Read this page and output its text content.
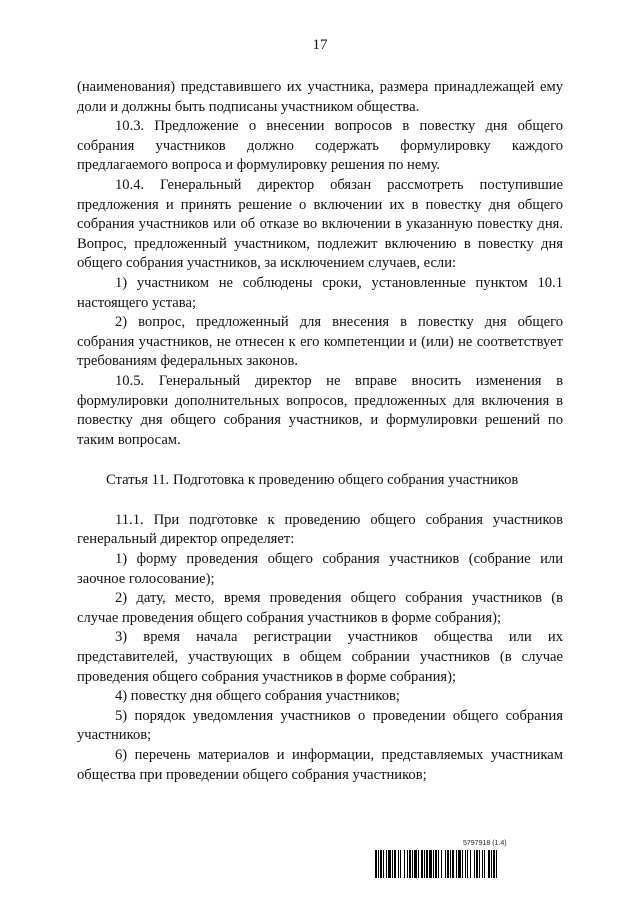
17

(наименования) представившего их участника, размера принадлежащей ему доли и должны быть подписаны участником общества.

10.3. Предложение о внесении вопросов в повестку дня общего собрания участников должно содержать формулировку каждого предлагаемого вопроса и формулировку решения по нему.

10.4. Генеральный директор обязан рассмотреть поступившие предложения и принять решение о включении их в повестку дня общего собрания участников или об отказе во включении в указанную повестку дня. Вопрос, предложенный участником, подлежит включению в повестку дня общего собрания участников, за исключением случаев, если:

1) участником не соблюдены сроки, установленные пунктом 10.1 настоящего устава;

2) вопрос, предложенный для внесения в повестку дня общего собрания участников, не отнесен к его компетенции и (или) не соответствует требованиям федеральных законов.

10.5. Генеральный директор не вправе вносить изменения в формулировки дополнительных вопросов, предложенных для включения в повестку дня общего собрания участников, и формулировки решений по таким вопросам.

Статья 11. Подготовка к проведению общего собрания участников

11.1. При подготовке к проведению общего собрания участников генеральный директор определяет:

1) форму проведения общего собрания участников (собрание или заочное голосование);

2) дату, место, время проведения общего собрания участников (в случае проведения общего собрания участников в форме собрания);

3) время начала регистрации участников общества или их представителей, участвующих в общем собрании участников (в случае проведения общего собрания участников в форме собрания);

4) повестку дня общего собрания участников;

5) порядок уведомления участников о проведении общего собрания участников;

6) перечень материалов и информации, представляемых участникам общества при проведении общего собрания участников;

5797918 (1.4)
